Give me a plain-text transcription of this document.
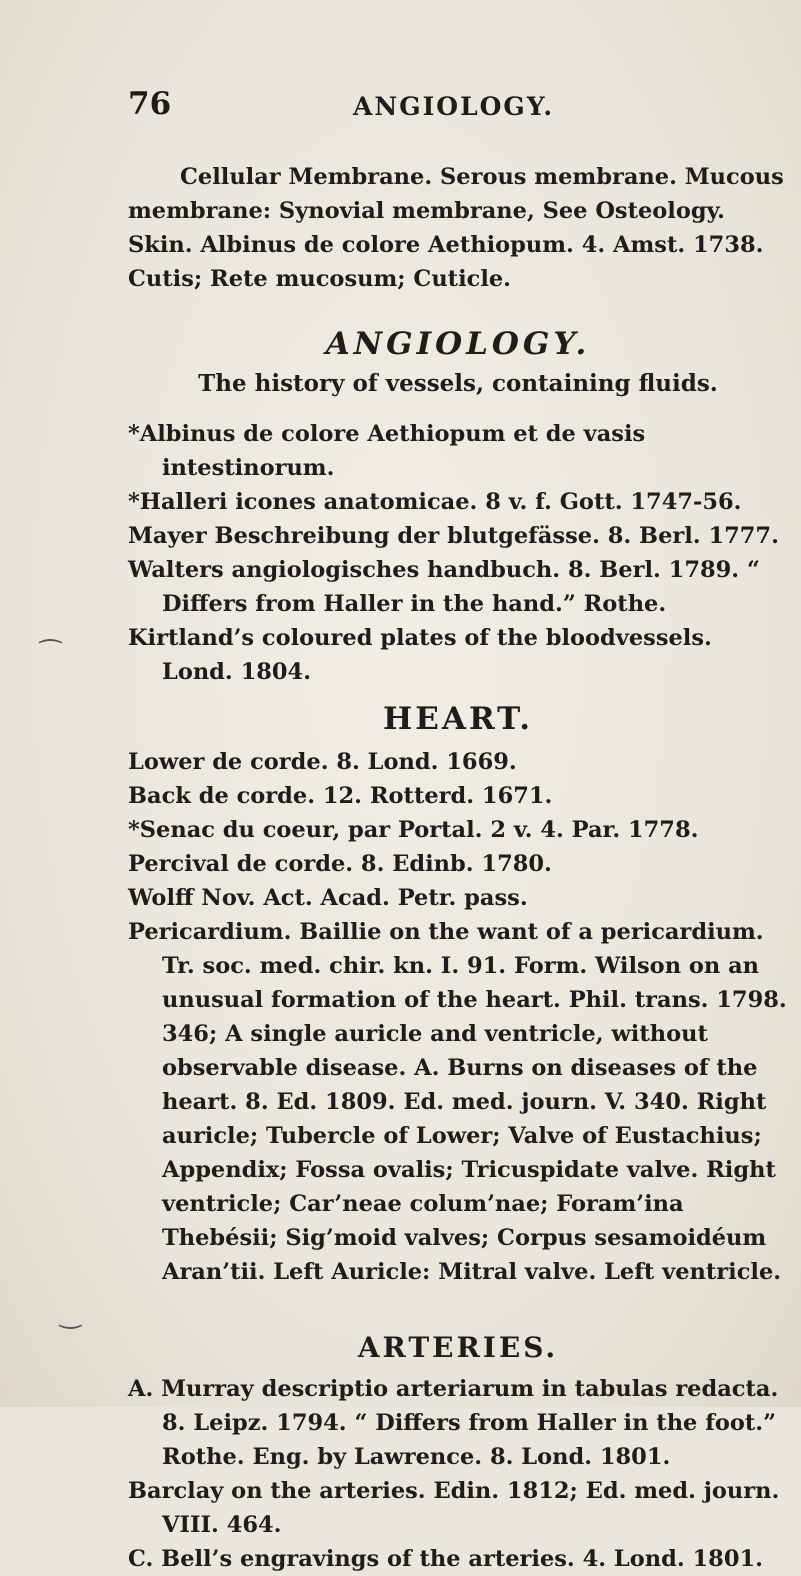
76	ANGIOLOGY.

Cellular Membrane. Serous membrane. Mucous membrane: Synovial membrane, See Osteology. Skin. Albinus de colore Aethiopum. 4. Amst. 1738. Cutis; Rete mucosum; Cuticle.

ANGIOLOGY.
The history of vessels, containing fluids.
*Albinus de colore Aethiopum et de vasis intestinorum.
*Halleri icones anatomicae. 8 v. f. Gott. 1747-56.
Mayer Beschreibung der blutgefässe. 8. Berl. 1777.
Walters angiologisches handbuch. 8. Berl. 1789. “ Differs from Haller in the hand.” Rothe.
Kirtland’s coloured plates of the bloodvessels. Lond. 1804.
HEART.
Lower de corde. 8. Lond. 1669.
Back de corde. 12. Rotterd. 1671.
*Senac du coeur, par Portal. 2 v. 4. Par. 1778.
Percival de corde. 8. Edinb. 1780.
Wolff Nov. Act. Acad. Petr. pass.
Pericardium. Baillie on the want of a pericardium. Tr. soc. med. chir. kn. I. 91. Form. Wilson on an unusual formation of the heart. Phil. trans. 1798. 346; A single auricle and ventricle, without observable disease. A. Burns on diseases of the heart. 8. Ed. 1809. Ed. med. journ. V. 340. Right auricle; Tubercle of Lower; Valve of Eustachius; Appendix; Fossa ovalis; Tricuspidate valve. Right ventricle; Car’neae colum’nae; Foram’ina Thebésii; Sig’moid valves; Corpus sesamoidéum Aran’tii. Left Auricle: Mitral valve. Left ventricle.
ARTERIES.
A. Murray descriptio arteriarum in tabulas redacta. 8. Leipz. 1794. “ Differs from Haller in the foot.” Rothe. Eng. by Lawrence. 8. Lond. 1801.
Barclay on the arteries. Edin. 1812; Ed. med. journ. VIII. 464.
C. Bell’s engravings of the arteries. 4. Lond. 1801.
⁀
‿
